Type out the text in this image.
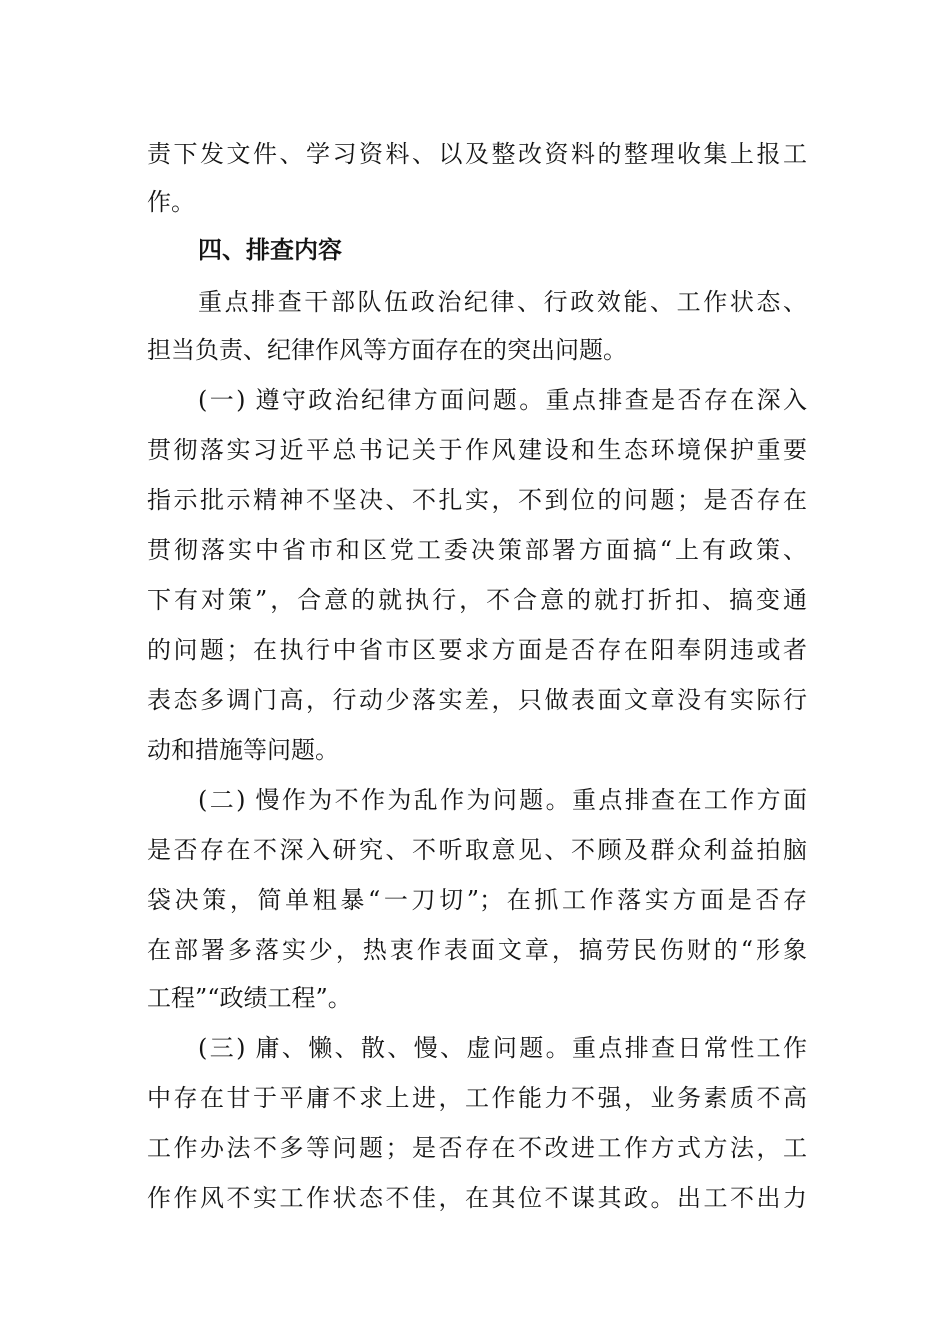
责下发文件、学习资料、以及整改资料的整理收集上报工
作。
四、排查内容
重点排查干部队伍政治纪律、行政效能、工作状态、
担当负责、纪律作风等方面存在的突出问题。
(一) 遵守政治纪律方面问题。重点排查是否存在深入
贯彻落实习近平总书记关于作风建设和生态环境保护重要
指示批示精神不坚决、不扎实，不到位的问题；是否存在
贯彻落实中省市和区党工委决策部署方面搞“上有政策、
下有对策”，合意的就执行，不合意的就打折扣、搞变通
的问题；在执行中省市区要求方面是否存在阳奉阴违或者
表态多调门高，行动少落实差，只做表面文章没有实际行
动和措施等问题。
(二) 慢作为不作为乱作为问题。重点排查在工作方面
是否存在不深入研究、不听取意见、不顾及群众利益拍脑
袋决策，简单粗暴“一刀切”；在抓工作落实方面是否存
在部署多落实少，热衷作表面文章，搞劳民伤财的“形象
工程”“政绩工程”。
(三) 庸、懒、散、慢、虚问题。重点排查日常性工作
中存在甘于平庸不求上进，工作能力不强，业务素质不高
工作办法不多等问题；是否存在不改进工作方式方法，工
作作风不实工作状态不佳，在其位不谋其政。出工不出力
